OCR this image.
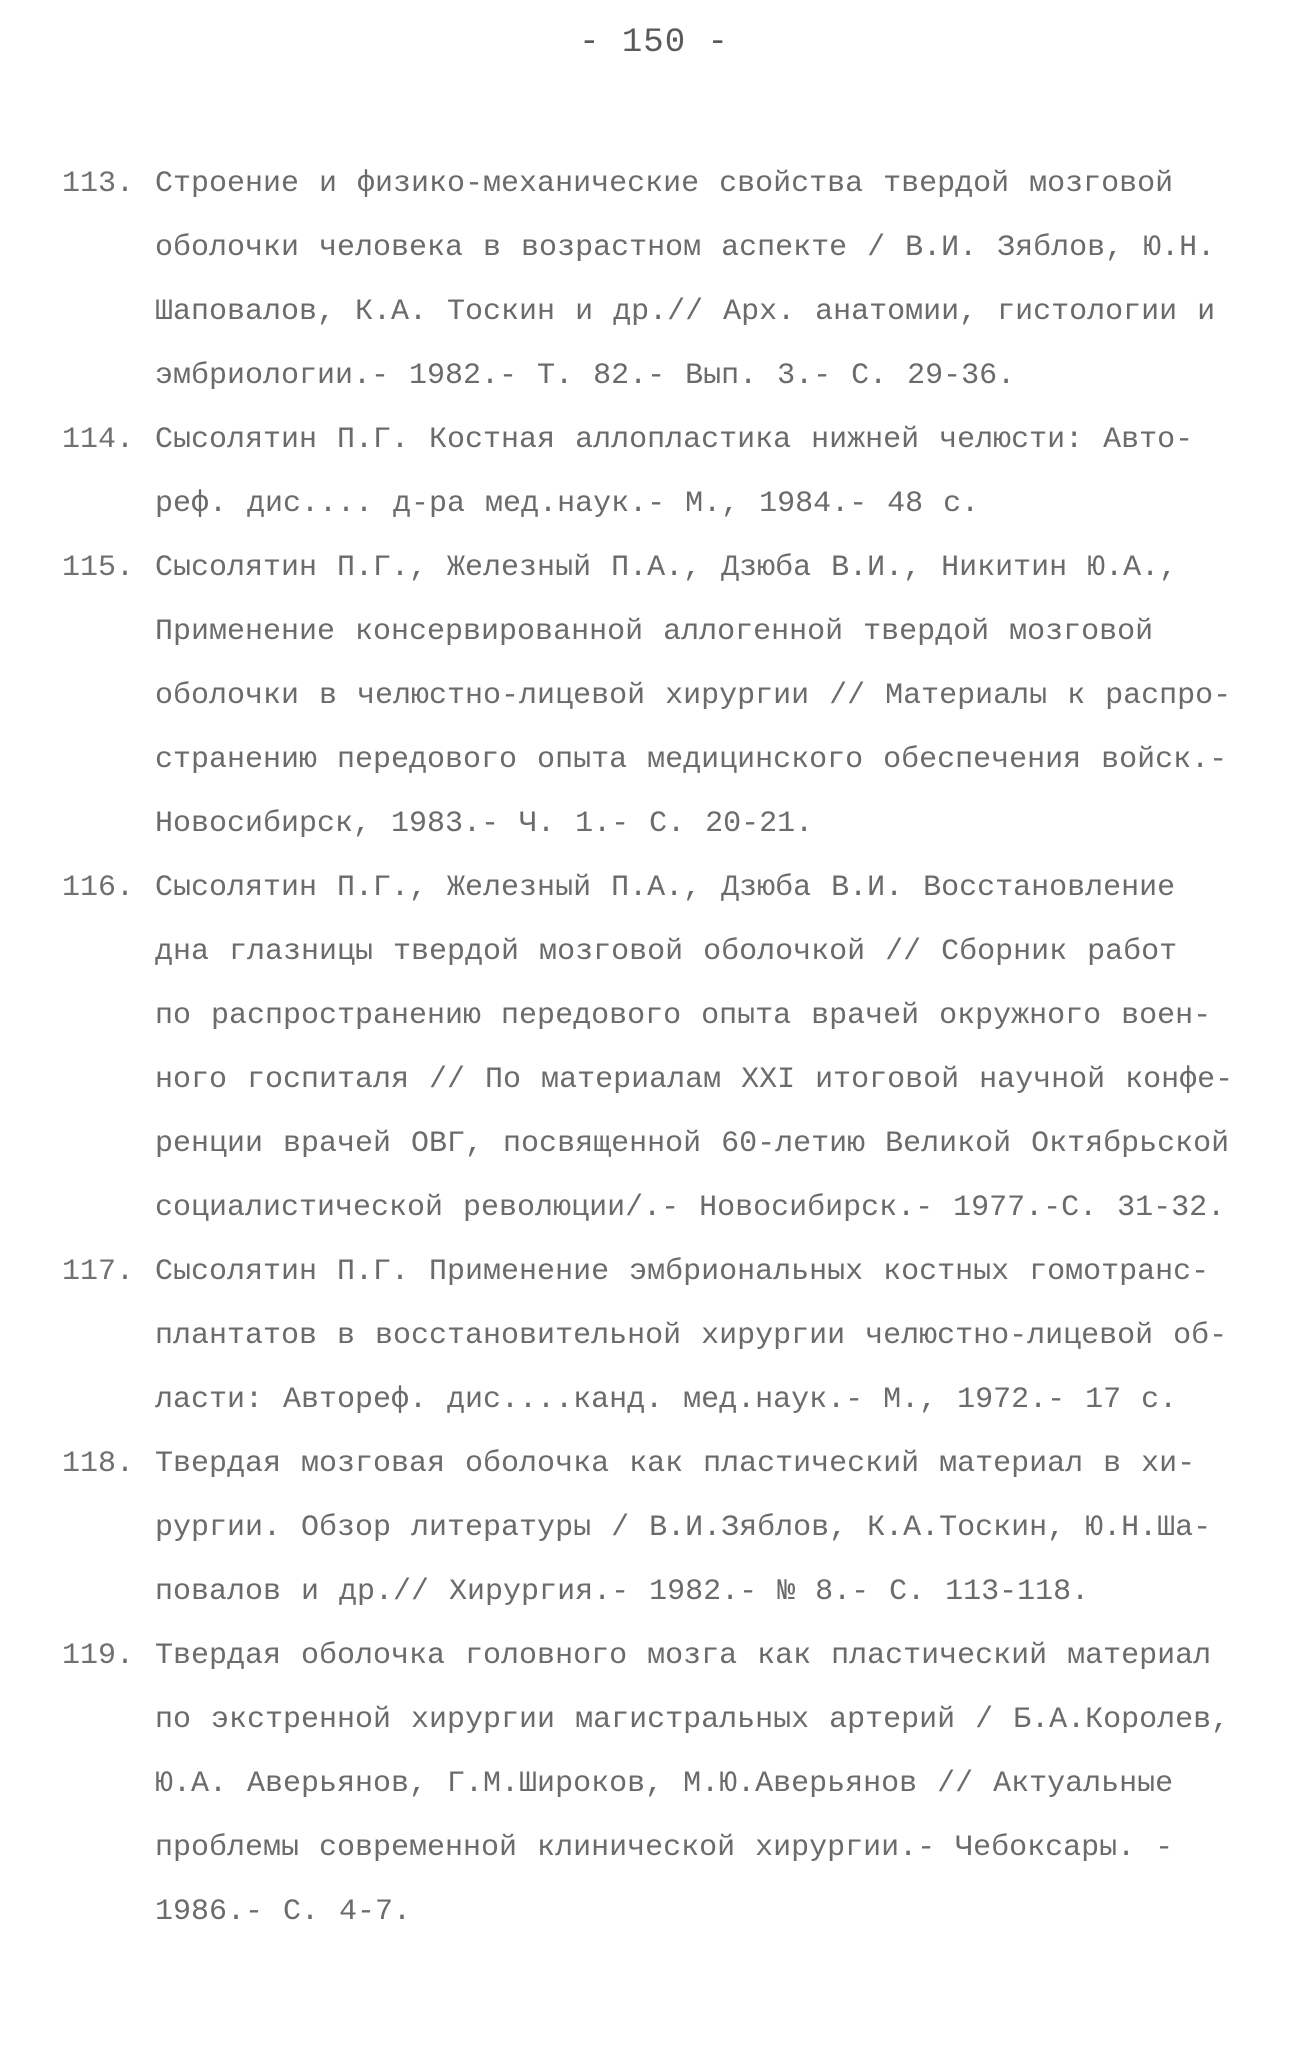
- 150 -
113. Строение и физико-механические свойства твердой мозговой
оболочки человека в возрастном аспекте / В.И. Зяблов, Ю.Н.
Шаповалов, К.А. Тоскин и др.// Арх. анатомии, гистологии и
эмбриологии.- 1982.- Т. 82.- Вып. 3.- С. 29-36.
114. Сысолятин П.Г. Костная аллопластика нижней челюсти: Авто-
реф. дис.... д-ра мед.наук.- М., 1984.- 48 с.
115. Сысолятин П.Г., Железный П.А., Дзюба В.И., Никитин Ю.А.,
Применение консервированной аллогенной твердой мозговой
оболочки в челюстно-лицевой хирургии // Материалы к распро-
странению передового опыта медицинского обеспечения войск.-
Новосибирск, 1983.- Ч. 1.- С. 20-21.
116. Сысолятин П.Г., Железный П.А., Дзюба В.И. Восстановление
дна глазницы твердой мозговой оболочкой // Сборник работ
по распространению передового опыта врачей окружного воен-
ного госпиталя // По материалам XXI итоговой научной конфе-
ренции врачей ОВГ, посвященной 60-летию Великой Октябрьской
социалистической революции/.- Новосибирск.- 1977.-С. 31-32.
117. Сысолятин П.Г. Применение эмбриональных костных гомотранс-
плантатов в восстановительной хирургии челюстно-лицевой об-
ласти: Автореф. дис....канд. мед.наук.- М., 1972.- 17 с.
118. Твердая мозговая оболочка как пластический материал в хи-
рургии. Обзор литературы / В.И.Зяблов, К.А.Тоскин, Ю.Н.Ша-
повалов и др.// Хирургия.- 1982.- № 8.- С. 113-118.
119. Твердая оболочка головного мозга как пластический материал
по экстренной хирургии магистральных артерий / Б.А.Королев,
Ю.А. Аверьянов, Г.М.Широков, М.Ю.Аверьянов // Актуальные
проблемы современной клинической хирургии.- Чебоксары. -
1986.- С. 4-7.
